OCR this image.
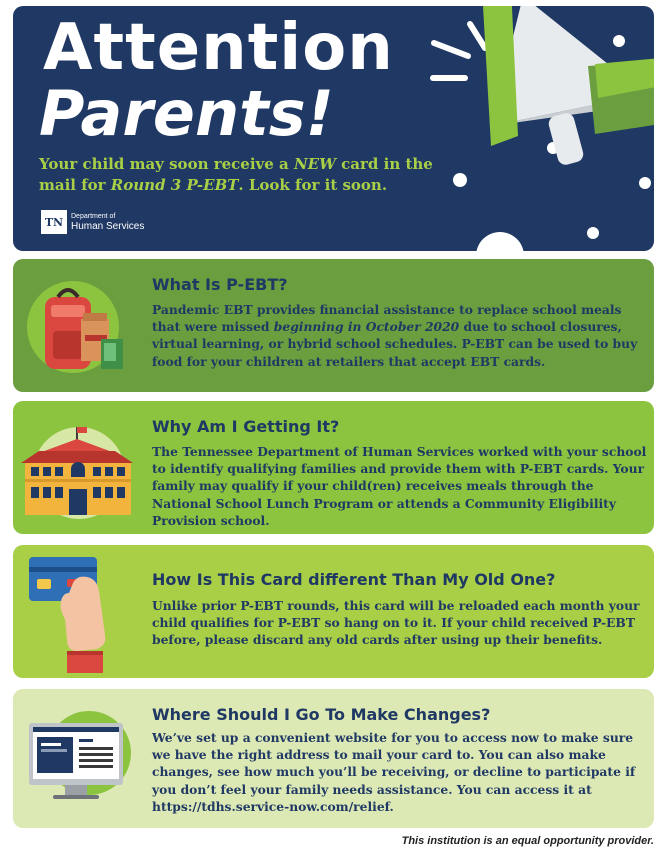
Attention
Parents!

Your child may soon receive a NEW card in the mail for Round 3 P-EBT. Look for it soon.

TN	Department of
Human Services
What Is P-EBT?

Pandemic EBT provides financial assistance to replace school meals that were missed beginning in October 2020 due to school closures, virtual learning, or hybrid school schedules. P-EBT can be used to buy food for your children at retailers that accept EBT cards.

Why Am I Getting It?

The Tennessee Department of Human Services worked with your school to identify qualifying families and provide them with P-EBT cards. Your family may qualify if your child(ren) receives meals through the National School Lunch Program or attends a Community Eligibility Provision school.

How Is This Card different Than My Old One?

Unlike prior P-EBT rounds, this card will be reloaded each month your child qualifies for P-EBT so hang on to it. If your child received P-EBT before, please discard any old cards after using up their benefits.

Where Should I Go To Make Changes?

We’ve set up a convenient website for you to access now to make sure we have the right address to mail your card to. You can also make changes, see how much you’ll be receiving, or decline to participate if you don’t feel your family needs assistance. You can access it at https://tdhs.service-now.com/relief.

This institution is an equal opportunity provider.
